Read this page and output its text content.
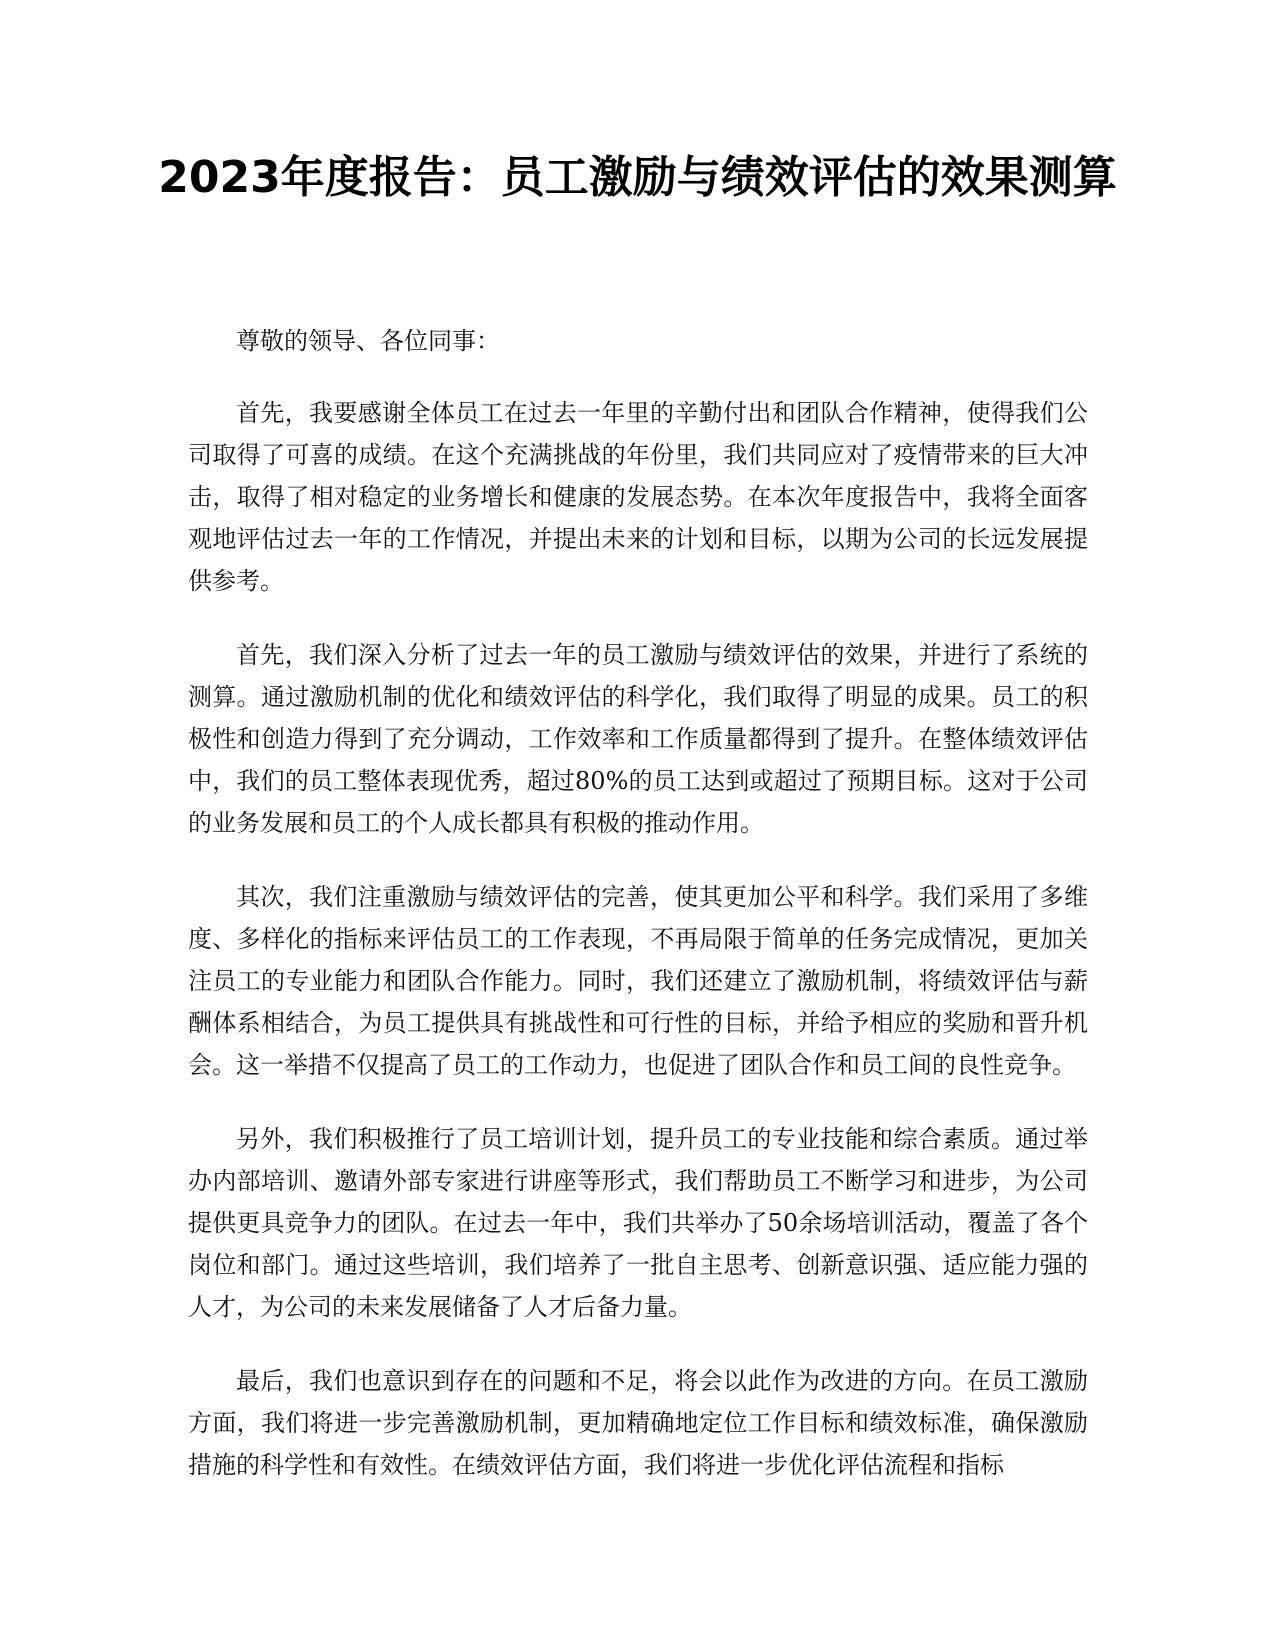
2023年度报告：员工激励与绩效评估的效果测算

尊敬的领导、各位同事：

首先，我要感谢全体员工在过去一年里的辛勤付出和团队合作精神，使得我们公司取得了可喜的成绩。在这个充满挑战的年份里，我们共同应对了疫情带来的巨大冲击，取得了相对稳定的业务增长和健康的发展态势。在本次年度报告中，我将全面客观地评估过去一年的工作情况，并提出未来的计划和目标，以期为公司的长远发展提供参考。

首先，我们深入分析了过去一年的员工激励与绩效评估的效果，并进行了系统的测算。通过激励机制的优化和绩效评估的科学化，我们取得了明显的成果。员工的积极性和创造力得到了充分调动，工作效率和工作质量都得到了提升。在整体绩效评估中，我们的员工整体表现优秀，超过80%的员工达到或超过了预期目标。这对于公司的业务发展和员工的个人成长都具有积极的推动作用。

其次，我们注重激励与绩效评估的完善，使其更加公平和科学。我们采用了多维度、多样化的指标来评估员工的工作表现，不再局限于简单的任务完成情况，更加关注员工的专业能力和团队合作能力。同时，我们还建立了激励机制，将绩效评估与薪酬体系相结合，为员工提供具有挑战性和可行性的目标，并给予相应的奖励和晋升机会。这一举措不仅提高了员工的工作动力，也促进了团队合作和员工间的良性竞争。

另外，我们积极推行了员工培训计划，提升员工的专业技能和综合素质。通过举办内部培训、邀请外部专家进行讲座等形式，我们帮助员工不断学习和进步，为公司提供更具竞争力的团队。在过去一年中，我们共举办了50余场培训活动，覆盖了各个岗位和部门。通过这些培训，我们培养了一批自主思考、创新意识强、适应能力强的人才，为公司的未来发展储备了人才后备力量。

最后，我们也意识到存在的问题和不足，将会以此作为改进的方向。在员工激励方面，我们将进一步完善激励机制，更加精确地定位工作目标和绩效标准，确保激励措施的科学性和有效性。在绩效评估方面，我们将进一步优化评估流程和指标
